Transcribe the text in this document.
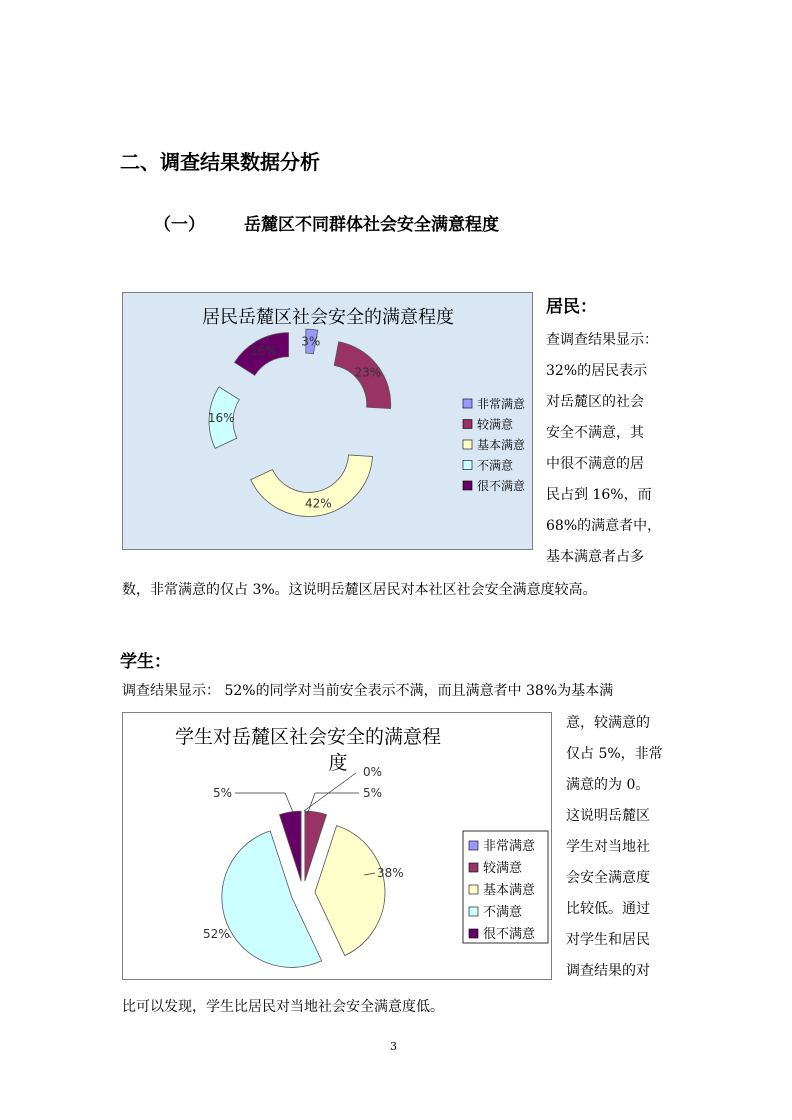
二、调查结果数据分析
（一） 岳麓区不同群体社会安全满意程度
居民岳麓区社会安全的满意程度
3%
23%
42%
16%
16%
非常满意
较满意
基本满意
不满意
很不满意
居民：
查调查结果显示：
32%的居民表示
对岳麓区的社会
安全不满意，其
中很不满意的居
民占到 16%，而
68%的满意者中，
基本满意者占多
数，非常满意的仅占 3%。这说明岳麓区居民对本社区社会安全满意度较高。
学生：
调查结果显示： 52%的同学对当前安全表示不满，而且满意者中 38%为基本满
学生对岳麓区社会安全的满意程
度 0%
5%
38%
52%
5%
非常满意
较满意
基本满意
不满意
很不满意
意，较满意的
仅占 5%，非常
满意的为 0。
这说明岳麓区
学生对当地社
会安全满意度
比较低。通过
对学生和居民
调查结果的对
比可以发现，学生比居民对当地社会安全满意度低。
3
